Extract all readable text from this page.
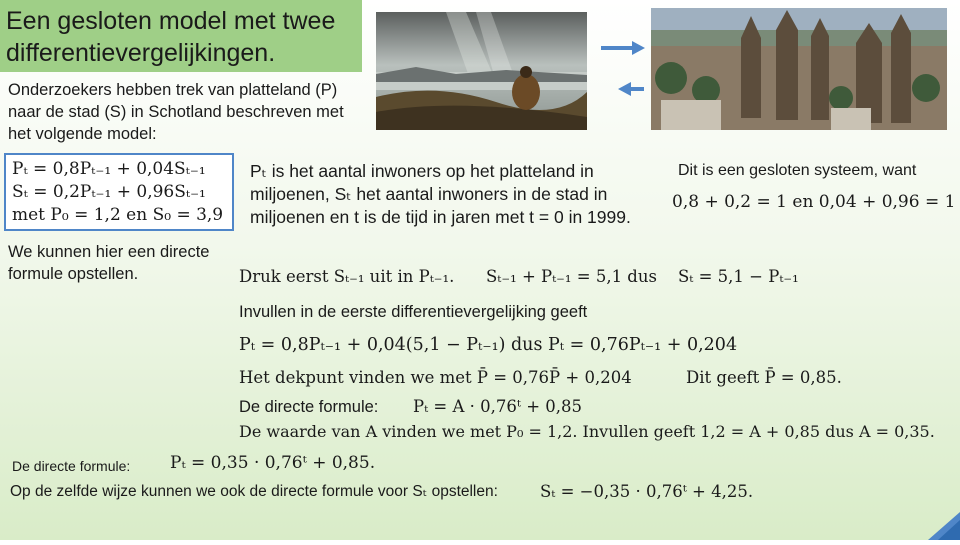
Een gesloten model met twee differentievergelijkingen.
Onderzoekers hebben trek van platteland (P) naar de stad (S) in Schotland beschreven met het volgende model:
Pₜ = 0,8Pₜ₋₁ + 0,04Sₜ₋₁
Sₜ = 0,2Pₜ₋₁ + 0,96Sₜ₋₁
met P₀ = 1,2 en S₀ = 3,9
Pₜ is het aantal inwoners op het platteland in
miljoenen, Sₜ het aantal inwoners in de stad in
miljoenen en t is de tijd in jaren met t = 0 in 1999.
Dit is een gesloten systeem, want
0,8 + 0,2 = 1 en 0,04 + 0,96 = 1
We kunnen hier een directe formule opstellen.	Druk eerst Sₜ₋₁ uit in Pₜ₋₁. Sₜ₋₁ + Pₜ₋₁ = 5,1 dus Sₜ = 5,1 − Pₜ₋₁
Invullen in de eerste differentievergelijking geeft
Pₜ = 0,8Pₜ₋₁ + 0,04(5,1 − Pₜ₋₁) dus Pₜ = 0,76Pₜ₋₁ + 0,204
Het dekpunt vinden we met P̄ = 0,76P̄ + 0,204	Dit geeft P̄ = 0,85.
De directe formule: Pₜ = A · 0,76ᵗ + 0,85
De waarde van A vinden we met P₀ = 1,2. Invullen geeft 1,2 = A + 0,85 dus A = 0,35.
De directe formule: Pₜ = 0,35 · 0,76ᵗ + 0,85.
Op de zelfde wijze kunnen we ook de directe formule voor Sₜ opstellen:	Sₜ = −0,35 · 0,76ᵗ + 4,25.
